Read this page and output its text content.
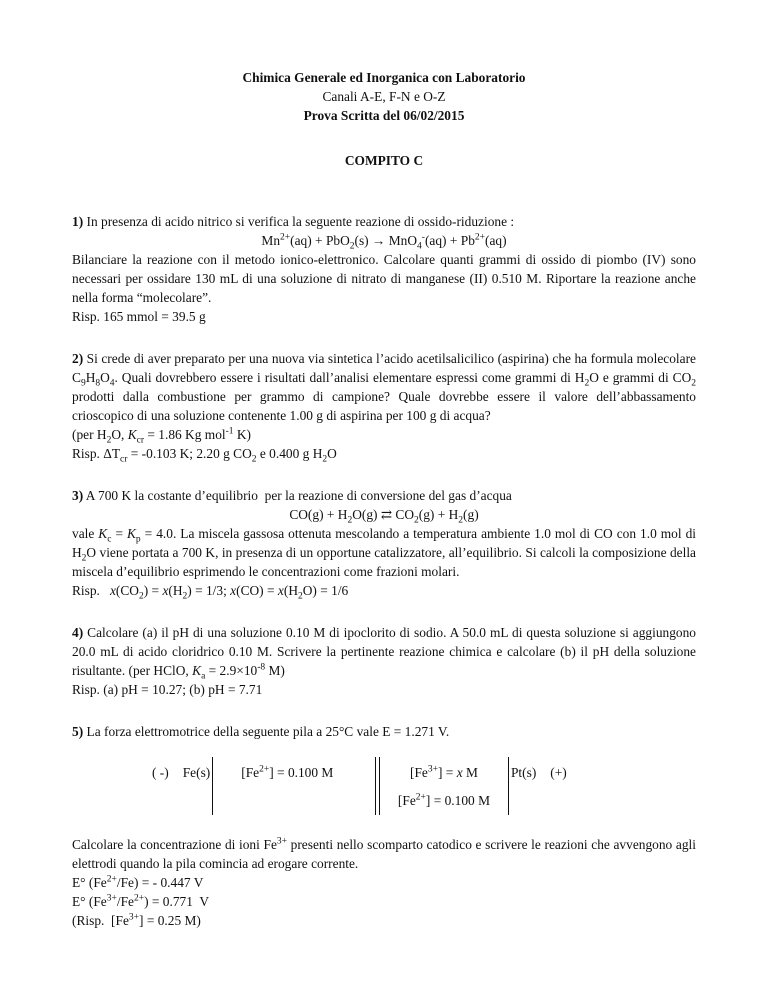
Chimica Generale ed Inorganica con Laboratorio
Canali A-E, F-N e O-Z
Prova Scritta del 06/02/2015
COMPITO C

1) In presenza di acido nitrico si verifica la seguente reazione di ossido-riduzione :

$Mn^{2+}(aq) + PbO_2(s) \to MnO_4^-(aq) + Pb^{2+}(aq)$

Bilanciare la reazione con il metodo ionico-elettronico. Calcolare quanti grammi di ossido di piombo (IV) sono necessari per ossidare 130 mL di una soluzione di nitrato di manganese (II) 0.510 M. Riportare la reazione anche nella forma “molecolare”.

Risp. 165 mmol = 39.5 g

2) Si crede di aver preparato per una nuova via sintetica l’acido acetilsalicilico (aspirina) che ha formula molecolare $C_9H_8O_4$. Quali dovrebbero essere i risultati dall’analisi elementare espressi come grammi di $H_2O$ e grammi di $CO_2$ prodotti dalla combustione per grammo di campione? Quale dovrebbe essere il valore dell’abbassamento crioscopico di una soluzione contenente 1.00 g di aspirina per 100 g di acqua?

(per $H_2O$, $K_{cr} = 1.86$ Kg mol$^{-1}$ K)

Risp. $\Delta T_{cr} = -0.103$ K; 2.20 g $CO_2$ e 0.400 g $H_2O$

3) A 700 K la costante d’equilibrio  per la reazione di conversione del gas d’acqua

$CO(g) + H_2O(g)$ ⇄ $CO_2(g) + H_2(g)$

vale $K_c = K_p = 4.0$. La miscela gassosa ottenuta mescolando a temperatura ambiente 1.0 mol di CO con 1.0 mol di $H_2O$ viene portata a 700 K, in presenza di un opportune catalizzatore, all’equilibrio. Si calcoli la composizione della miscela d’equilibrio esprimendo le concentrazioni come frazioni molari.

Risp.   $x(CO_2) = x(H_2) = 1/3$; $x(CO) = x(H_2O) = 1/6$

4) Calcolare (a) il pH di una soluzione 0.10 M di ipoclorito di sodio. A 50.0 mL di questa soluzione si aggiungono 20.0 mL di acido cloridrico 0.10 M. Scrivere la pertinente reazione chimica e calcolare (b) il pH della soluzione risultante. (per HClO, $K_a = 2.9\times 10^{-8}$ M)

Risp. (a) pH = 10.27; (b) pH = 7.71

5) La forza elettromotrice della seguente pila a 25°C vale E = 1.271 V.

( -) Fe(s) $[Fe^{2+}] = 0.100$ M	$[Fe^{3+}] = x$ M
$[Fe^{2+}] = 0.100$ M
Pt(s) (+)

Calcolare la concentrazione di ioni $Fe^{3+}$ presenti nello scomparto catodico e scrivere le reazioni che avvengono agli elettrodi quando la pila comincia ad erogare corrente.

E° $(Fe^{2+}/Fe)$ = - 0.447 V

E° $(Fe^{3+}/Fe^{2+}) = 0.771$  V

(Risp.  $[Fe^{3+}] = 0.25$ M)
